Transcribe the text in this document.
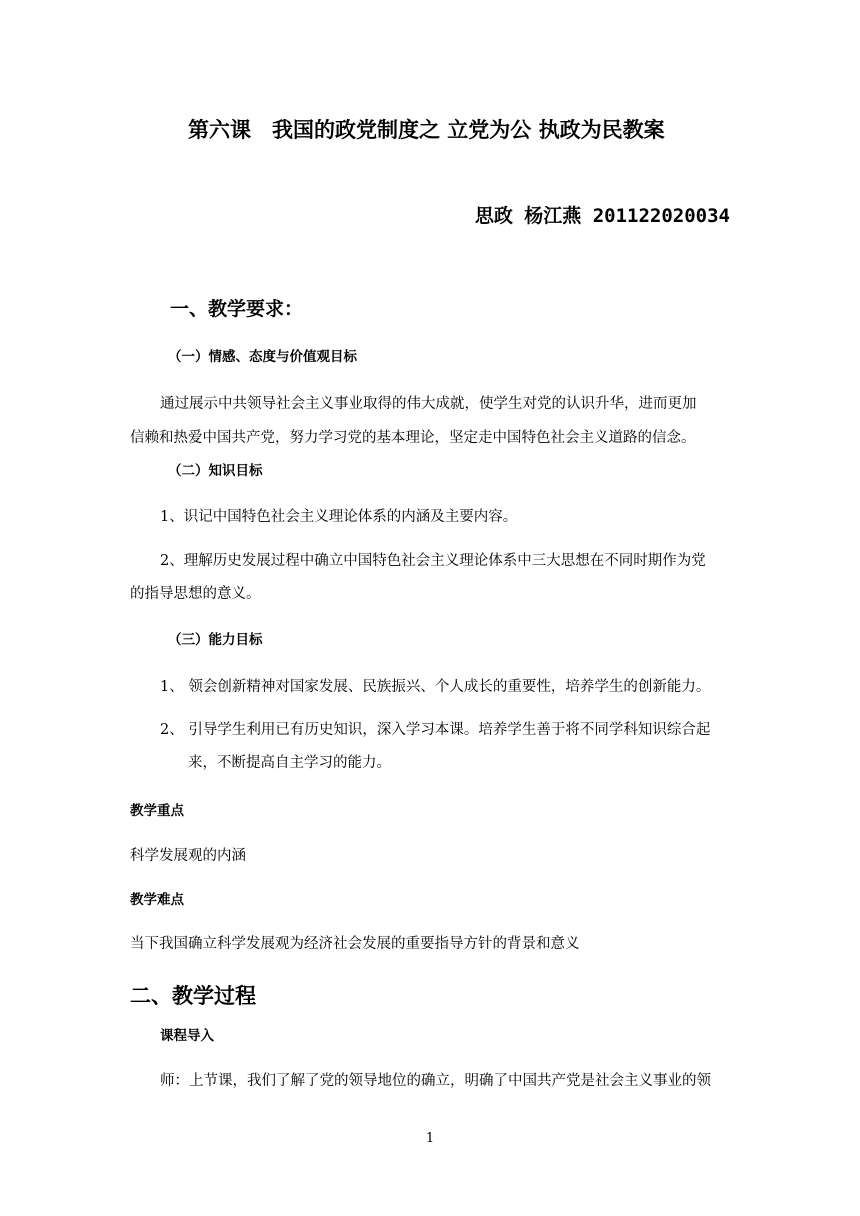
第六课　我国的政党制度之 立党为公 执政为民教案
思政 杨江燕 201122020034
一、教学要求：
（一）情感、态度与价值观目标
通过展示中共领导社会主义事业取得的伟大成就，使学生对党的认识升华，进而更加
信赖和热爱中国共产党，努力学习党的基本理论，坚定走中国特色社会主义道路的信念。
（二）知识目标
1、识记中国特色社会主义理论体系的内涵及主要内容。
2、理解历史发展过程中确立中国特色社会主义理论体系中三大思想在不同时期作为党
的指导思想的意义。
（三）能力目标
1、 领会创新精神对国家发展、民族振兴、个人成长的重要性，培养学生的创新能力。
2、 引导学生利用已有历史知识，深入学习本课。培养学生善于将不同学科知识综合起
来，不断提高自主学习的能力。
教学重点
科学发展观的内涵
教学难点
当下我国确立科学发展观为经济社会发展的重要指导方针的背景和意义
二、教学过程
课程导入
师：上节课，我们了解了党的领导地位的确立，明确了中国共产党是社会主义事业的领
1
